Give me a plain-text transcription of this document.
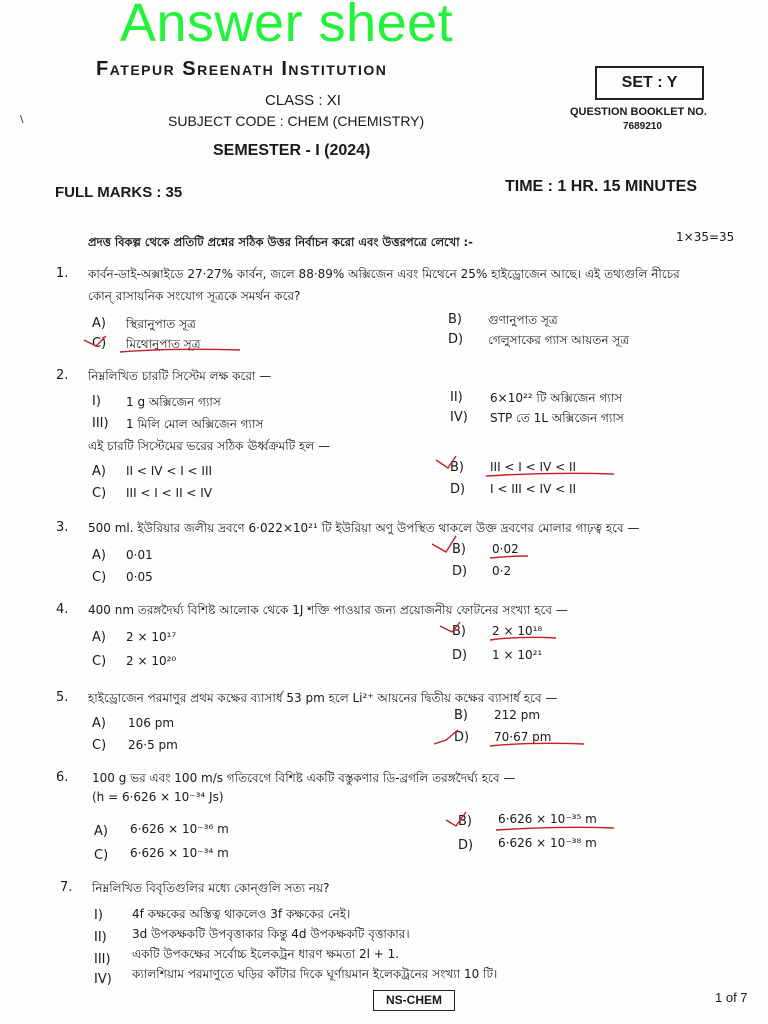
\
Answer sheet
Fatepur Sreenath Institution
SET : Y
CLASS : XI
SUBJECT CODE : CHEM (CHEMISTRY)
QUESTION BOOKLET NO.
7689210
SEMESTER - I (2024)
FULL MARKS : 35	TIME : 1 HR. 15 MINUTES
প্রদত্ত বিকল্প থেকে প্রতিটি প্রশ্নের সঠিক উত্তর নির্বাচন করো এবং উত্তরপত্রে লেখো :-	1×35=35
1. কার্বন-ডাই-অক্সাইডে 27·27% কার্বন, জলে 88·89% অক্সিজেন এবং মিথেনে 25% হাইড্রোজেন আছে। এই তথ্যগুলি নীচের
কোন্ রাসায়নিক সংযোগ সূত্রকে সমর্থন করে?
A) স্থিরানুপাত সূত্র	B) গুণানুপাত সূত্র
C) মিথোনুপাত সূত্র	D) গেলুসাকের গ্যাস আয়তন সূত্র
2. নিম্নলিখিত চারটি সিস্টেম লক্ষ করো —
I) 1 g অক্সিজেন গ্যাস	II) 6×10²² টি অক্সিজেন গ্যাস
III) 1 মিলি মোল অক্সিজেন গ্যাস	IV) STP তে 1L অক্সিজেন গ্যাস
এই চারটি সিস্টেমের ভরের সঠিক ঊর্ধ্বক্রমটি হল —
A) II < IV < I < III	B) III < I < IV < II
C) III < I < II < IV	D) I < III < IV < II
3. 500 ml. ইউরিয়ার জলীয় দ্রবণে 6·022×10²¹ টি ইউরিয়া অণু উপস্থিত থাকলে উক্ত দ্রবণের মোলার গাঢ়ত্ব হবে —
A) 0·01	B) 0·02
C) 0·05	D) 0·2
4. 400 nm তরঙ্গদৈর্ঘ্য বিশিষ্ট আলোক থেকে 1J শক্তি পাওয়ার জন্য প্রয়োজনীয় ফোটনের সংখ্যা হবে —
A) 2 × 10¹⁷	B) 2 × 10¹⁸
C) 2 × 10²⁰	D) 1 × 10²¹
5. হাইড্রোজেন পরমাণুর প্রথম কক্ষের ব্যাসার্ধ 53 pm হলে Li²⁺ আয়নের দ্বিতীয় কক্ষের ব্যাসার্ধ হবে —
A) 106 pm	B) 212 pm
C) 26·5 pm	D) 70·67 pm
6. 100 g ভর এবং 100 m/s গতিবেগে বিশিষ্ট একটি বস্তুকণার ডি-ব্রগলি তরঙ্গদৈর্ঘ্য হবে —
(h = 6·626 × 10⁻³⁴ Js)
A) 6·626 × 10⁻³⁶ m	B) 6·626 × 10⁻³⁵ m
C) 6·626 × 10⁻³⁴ m	D) 6·626 × 10⁻³⁸ m
7. নিম্নলিখিত বিবৃতিগুলির মধ্যে কোন্গুলি সত্য নয়?
I) 4f কক্ষকের অস্তিত্ব থাকলেও 3f কক্ষকের নেই।
II) 3d উপকক্ষকটি উপবৃত্তাকার কিন্তু 4d উপকক্ষকটি বৃত্তাকার।
III) একটি উপকক্ষের সর্বোচ্চ ইলেকট্রন ধারণ ক্ষমতা 2l + 1.
IV) ক্যালশিয়াম পরমাণুতে ঘড়ির কাঁটার দিকে ঘূর্ণায়মান ইলেকট্রনের সংখ্যা 10 টি।
NS-CHEM	1 of 7
